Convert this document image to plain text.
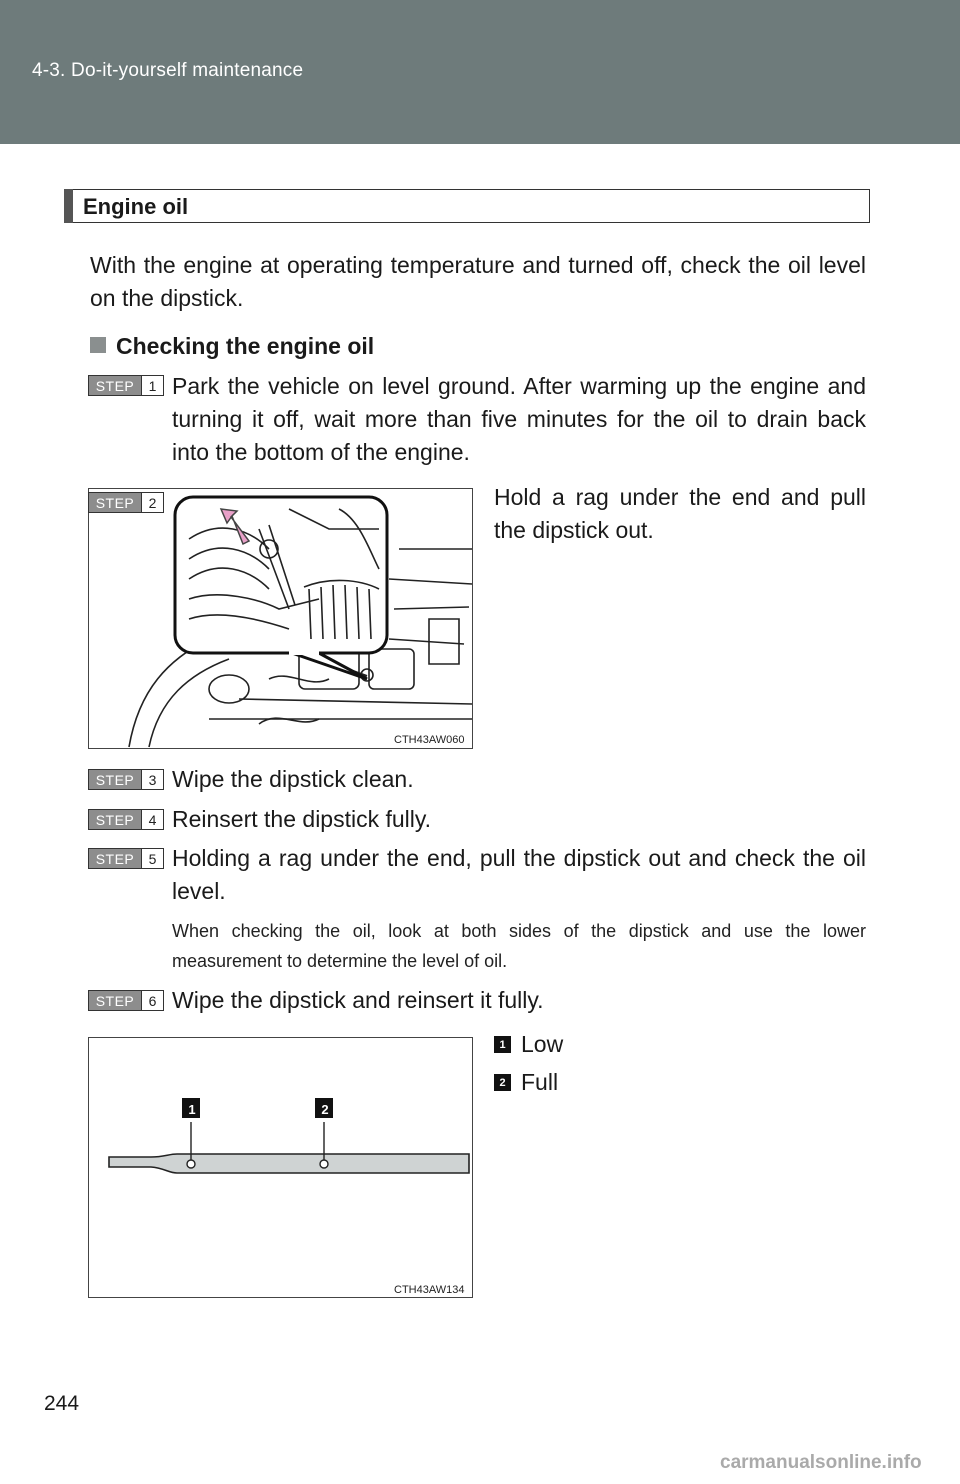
4-3. Do-it-yourself maintenance
Engine oil
With the engine at operating temperature and turned off, check the oil level on the dipstick.
Checking the engine oil
STEP	1 Park the vehicle on level ground. After warming up the engine and turning it off, wait more than five minutes for the oil to drain back into the bottom of the engine.
CTH43AW060
STEP	2	Hold a rag under the end and pull the dipstick out.
STEP	3 Wipe the dipstick clean.
STEP	4 Reinsert the dipstick fully.
STEP	5 Holding a rag under the end, pull the dipstick out and check the oil level.
When checking the oil, look at both sides of the dipstick and use the lower measurement to determine the level of oil.
STEP	6 Wipe the dipstick and reinsert it fully.
1	2
CTH43AW134
1 Low
2 Full
244
carmanualsonline.info
